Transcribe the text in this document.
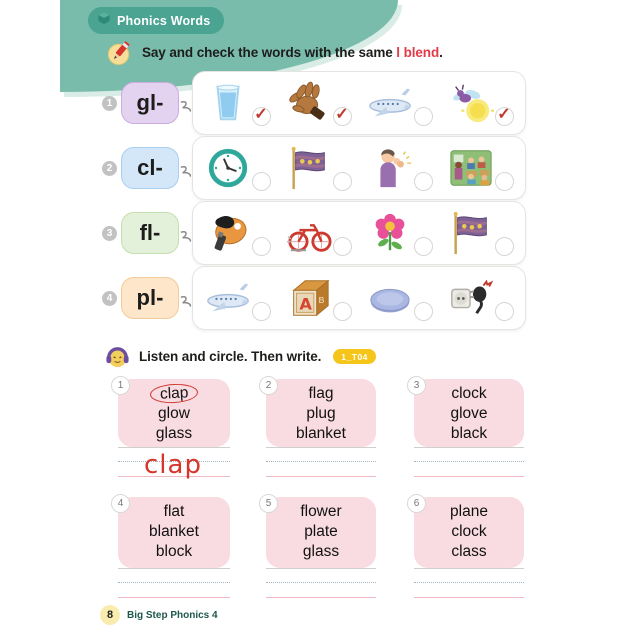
Phonics Words
Say and check the words with the same l blend.
1	gl-	✓	✓	✓
2	cl-
3	fl-
4	pl-	A B
Listen and circle. Then write.	1_T04
1	clap
glow
glass
2	flag
plug
blanket
3	clock
glove
black
clap
4	flat
blanket
block
5	flower
plate
glass
6	plane
clock
class
8	Big Step Phonics 4
